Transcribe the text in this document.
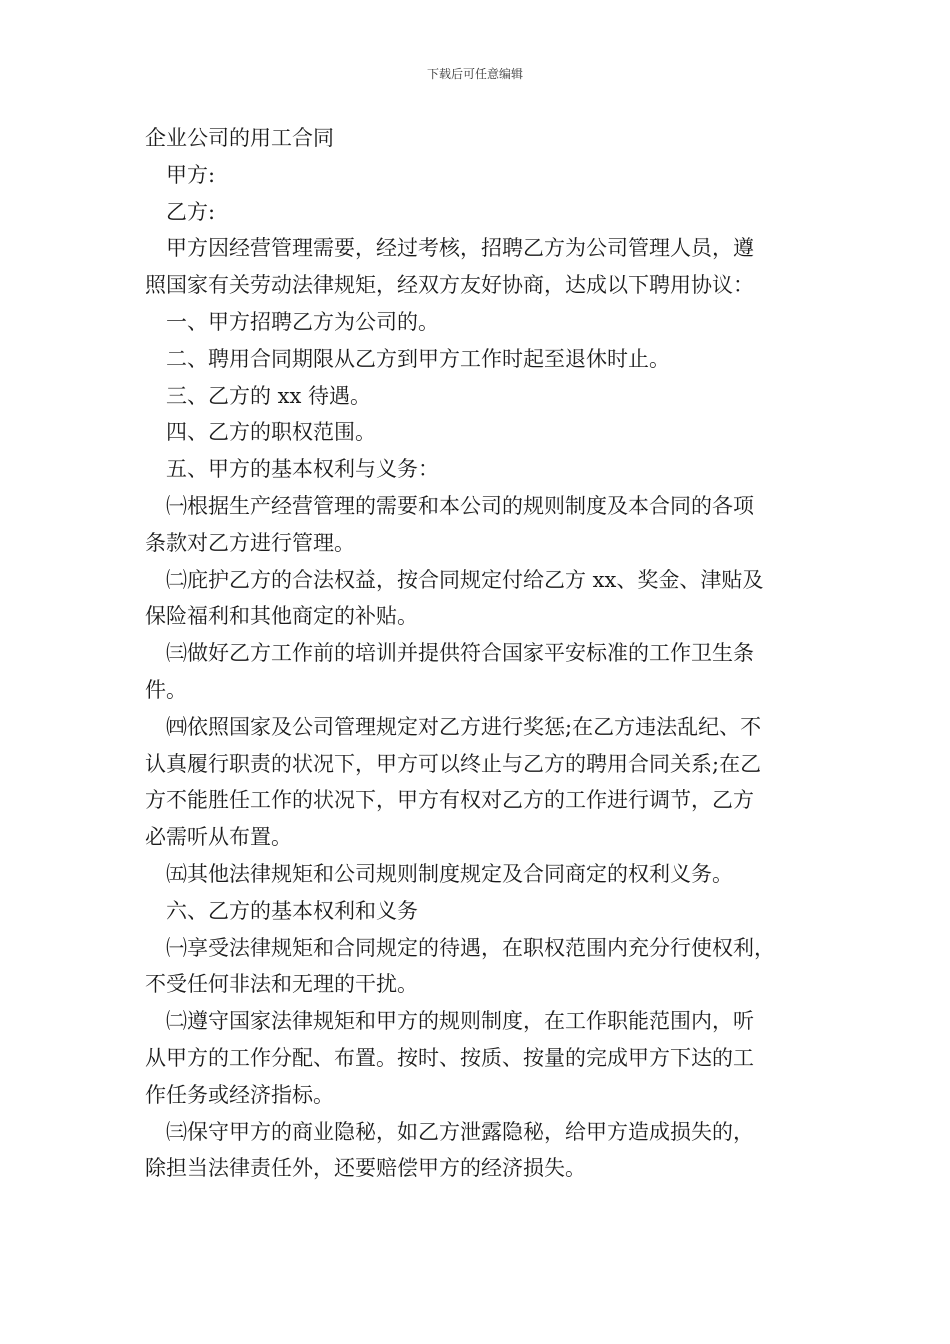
下载后可任意编辑
企业公司的用工合同
甲方:
乙方:
甲方因经营管理需要，经过考核，招聘乙方为公司管理人员，遵
照国家有关劳动法律规矩，经双方友好协商，达成以下聘用协议：
一、甲方招聘乙方为公司的。
二、聘用合同期限从乙方到甲方工作时起至退休时止。
三、乙方的 xx 待遇。
四、乙方的职权范围。
五、甲方的基本权利与义务：
㈠根据生产经营管理的需要和本公司的规则制度及本合同的各项
条款对乙方进行管理。
㈡庇护乙方的合法权益，按合同规定付给乙方 xx、奖金、津贴及
保险福利和其他商定的补贴。
㈢做好乙方工作前的培训并提供符合国家平安标准的工作卫生条
件。
㈣依照国家及公司管理规定对乙方进行奖惩;在乙方违法乱纪、不
认真履行职责的状况下，甲方可以终止与乙方的聘用合同关系;在乙
方不能胜任工作的状况下，甲方有权对乙方的工作进行调节，乙方
必需听从布置。
㈤其他法律规矩和公司规则制度规定及合同商定的权利义务。
六、乙方的基本权利和义务
㈠享受法律规矩和合同规定的待遇，在职权范围内充分行使权利，
不受任何非法和无理的干扰。
㈡遵守国家法律规矩和甲方的规则制度，在工作职能范围内，听
从甲方的工作分配、布置。按时、按质、按量的完成甲方下达的工
作任务或经济指标。
㈢保守甲方的商业隐秘，如乙方泄露隐秘，给甲方造成损失的，
除担当法律责任外，还要赔偿甲方的经济损失。
